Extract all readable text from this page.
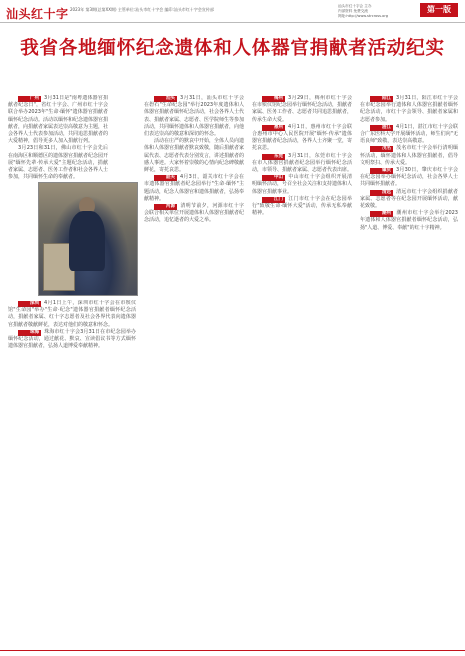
汕头红十字 2023年 第3期(总第XX期) 主管单位:汕头市红十字会 编印:汕头市红十字会宣传部
汕头市红十字会 主办
内部资料 免费交流
网址:http://www.strcross.org
第一版
我省各地缅怀纪念遗体和人体器官捐献者活动纪实

广州 3月31日是"南粤遗体器官捐献者纪念日"，省红十字会、广州市红十字会联合举办2023年"生命·缅怀"遗体器官捐献者缅怀纪念活动。活动以缅怀和纪念遗体器官捐献者，向捐献者家属表达崇高敬意为主题，社会各界人士代表参加活动，共同追思捐献者的大爱精神，倡导更多人加入捐献行列。

3月23日和31日，佛山市红十字会先后在南海区和顺德区的遗体器官捐献者纪念园开展"缅怀先辈·传承大爱"主题纪念活动，捐献者家属、志愿者、医务工作者和社会各界人士参加，共同缅怀生命的奉献者。

深圳 4月1日上午，深圳市红十字会在市殡仪馆"生命园"举办"生命·纪念"遗体器官捐献者缅怀纪念活动，捐献者家属、红十字志愿者及社会各界代表向遗体器官捐献者敬献鲜花，表达对他们的敬意和怀念。

珠海 珠海市红十字会3月31日在市纪念园举办缅怀纪念活动，通过献花、默哀、宣读倡议书等方式缅怀遗体器官捐献者，弘扬人道博爱奉献精神。

汕头 3月31日，汕头市红十字会在礐石"生命纪念园"举行2023年度遗体和人体器官捐献者缅怀纪念活动，社会各界人士代表、捐献者家属、志愿者、医学院师生等参加活动，共同缅怀遗体和人体器官捐献者，向他们表达崇高的敬意和深切的怀念。

活动在庄严的默哀中开始，全体人员向遗体和人体器官捐献者默哀致敬，随后捐献者家属代表、志愿者代表分别发言，讲述捐献者的感人事迹。大家怀着崇敬的心情向纪念碑敬献鲜花，寄托哀思。

韶关 4月3日，韶关市红十字会在市遗体器官捐献者纪念园举行"生命·缅怀"主题活动，纪念人体器官和遗体捐献者，弘扬奉献精神。

河源 清明节前夕，河源市红十字会联合相关单位开展遗体和人体器官捐献者纪念活动，追忆逝者的大爱之举。

梅州 3月29日，梅州市红十字会在市殡仪馆纪念园举行缅怀纪念活动，捐献者家属、医务工作者、志愿者共同追思捐献者，传承生命大爱。

惠州 4月1日，惠州市红十字会联合惠州市中心人民医院开展"缅怀·传承"遗体器官捐献者纪念活动，各界人士齐聚一堂，寄托哀思。

东莞 3月31日，东莞市红十字会在市人体器官捐献者纪念园举行缅怀纪念活动，市领导、捐献者家属、志愿者代表出席。

中山 中山市红十字会组织开展清明缅怀活动，号召全社会关注和支持遗体和人体器官捐献事业。

江门 江门市红十字会在纪念园举行"致敬生命·缅怀大爱"活动，传承无私奉献精神。

阳江 3月31日，阳江市红十字会在市纪念园举行遗体和人体器官捐献者缅怀纪念活动，市红十字会领导、捐献者家属和志愿者参加。

湛江 4月1日，湛江市红十字会联合广东医科大学开展缅怀活动，师生们向"无语良师"致敬，表达崇高敬意。

茂名 茂名市红十字会举行清明缅怀活动，缅怀遗体和人体器官捐献者，倡导文明祭扫、传承大爱。

肇庆 3月30日，肇庆市红十字会在纪念园举办缅怀纪念活动，社会各界人士共同缅怀捐献者。

清远 清远市红十字会组织捐献者家属、志愿者等在纪念园开展缅怀活动，献花致敬。

潮州 潮州市红十字会举行2023年遗体和人体器官捐献者缅怀纪念活动，弘扬"人道、博爱、奉献"的红十字精神。
